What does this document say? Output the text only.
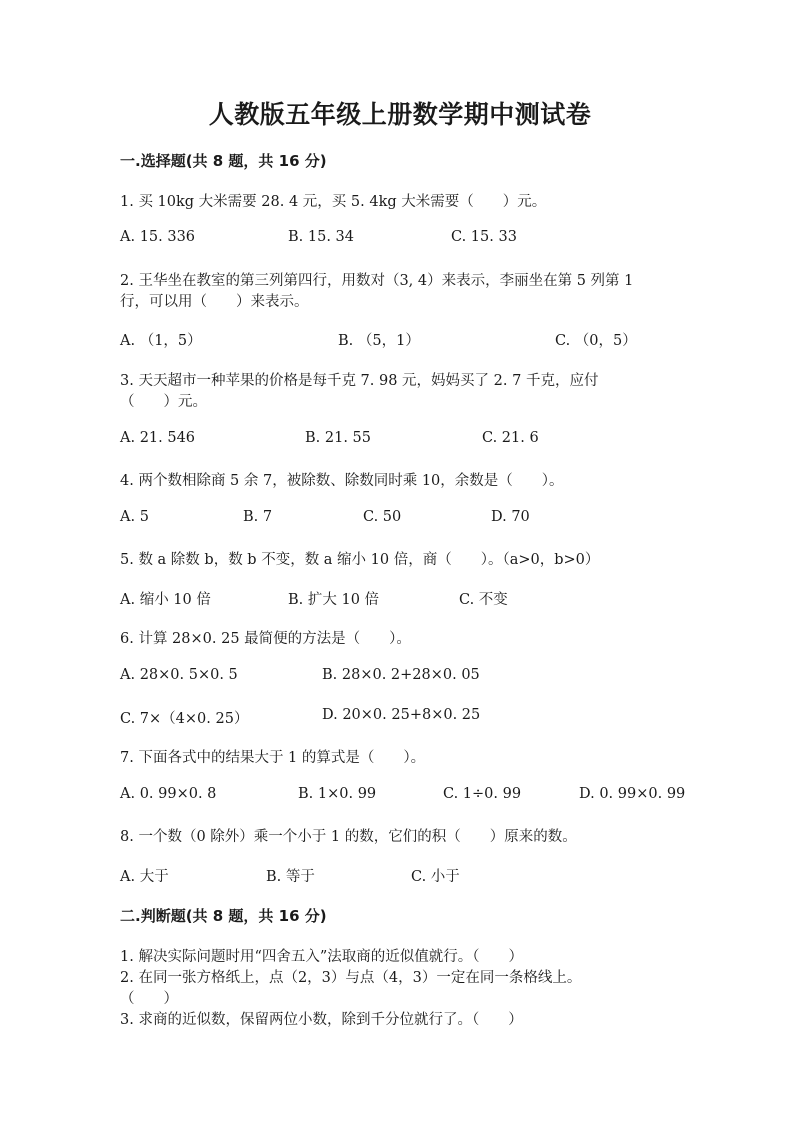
人教版五年级上册数学期中测试卷
一.选择题(共 8 题，共 16 分)
1. 买 10kg 大米需要 28. 4 元，买 5. 4kg 大米需要（　　）元。
A. 15. 336	B. 15. 34	C. 15. 33
2. 王华坐在教室的第三列第四行，用数对（3, 4）来表示，李丽坐在第 5 列第 1
行，可以用（　　）来表示。
A. （1，5）	B. （5，1）	C. （0，5）
3. 天天超市一种苹果的价格是每千克 7. 98 元，妈妈买了 2. 7 千克，应付
（　　）元。
A. 21. 546	B. 21. 55	C. 21. 6
4. 两个数相除商 5 余 7，被除数、除数同时乘 10，余数是（　　）。
A. 5	B. 7	C. 50	D. 70
5. 数 a 除数 b，数 b 不变，数 a 缩小 10 倍，商（　　）。（a>0，b>0）
A. 缩小 10 倍	B. 扩大 10 倍	C. 不变
6. 计算 28×0. 25 最简便的方法是（　　）。
A. 28×0. 5×0. 5	B. 28×0. 2+28×0. 05
C. 7×（4×0. 25）	D. 20×0. 25+8×0. 25
7. 下面各式中的结果大于 1 的算式是（　　）。
A. 0. 99×0. 8	B. 1×0. 99	C. 1÷0. 99	D. 0. 99×0. 99
8. 一个数（0 除外）乘一个小于 1 的数，它们的积（　　）原来的数。
A. 大于	B. 等于	C. 小于
二.判断题(共 8 题，共 16 分)
1. 解决实际问题时用“四舍五入”法取商的近似值就行。（　　）
2. 在同一张方格纸上，点（2，3）与点（4，3）一定在同一条格线上。
（　　）
3. 求商的近似数，保留两位小数，除到千分位就行了。（　　）
